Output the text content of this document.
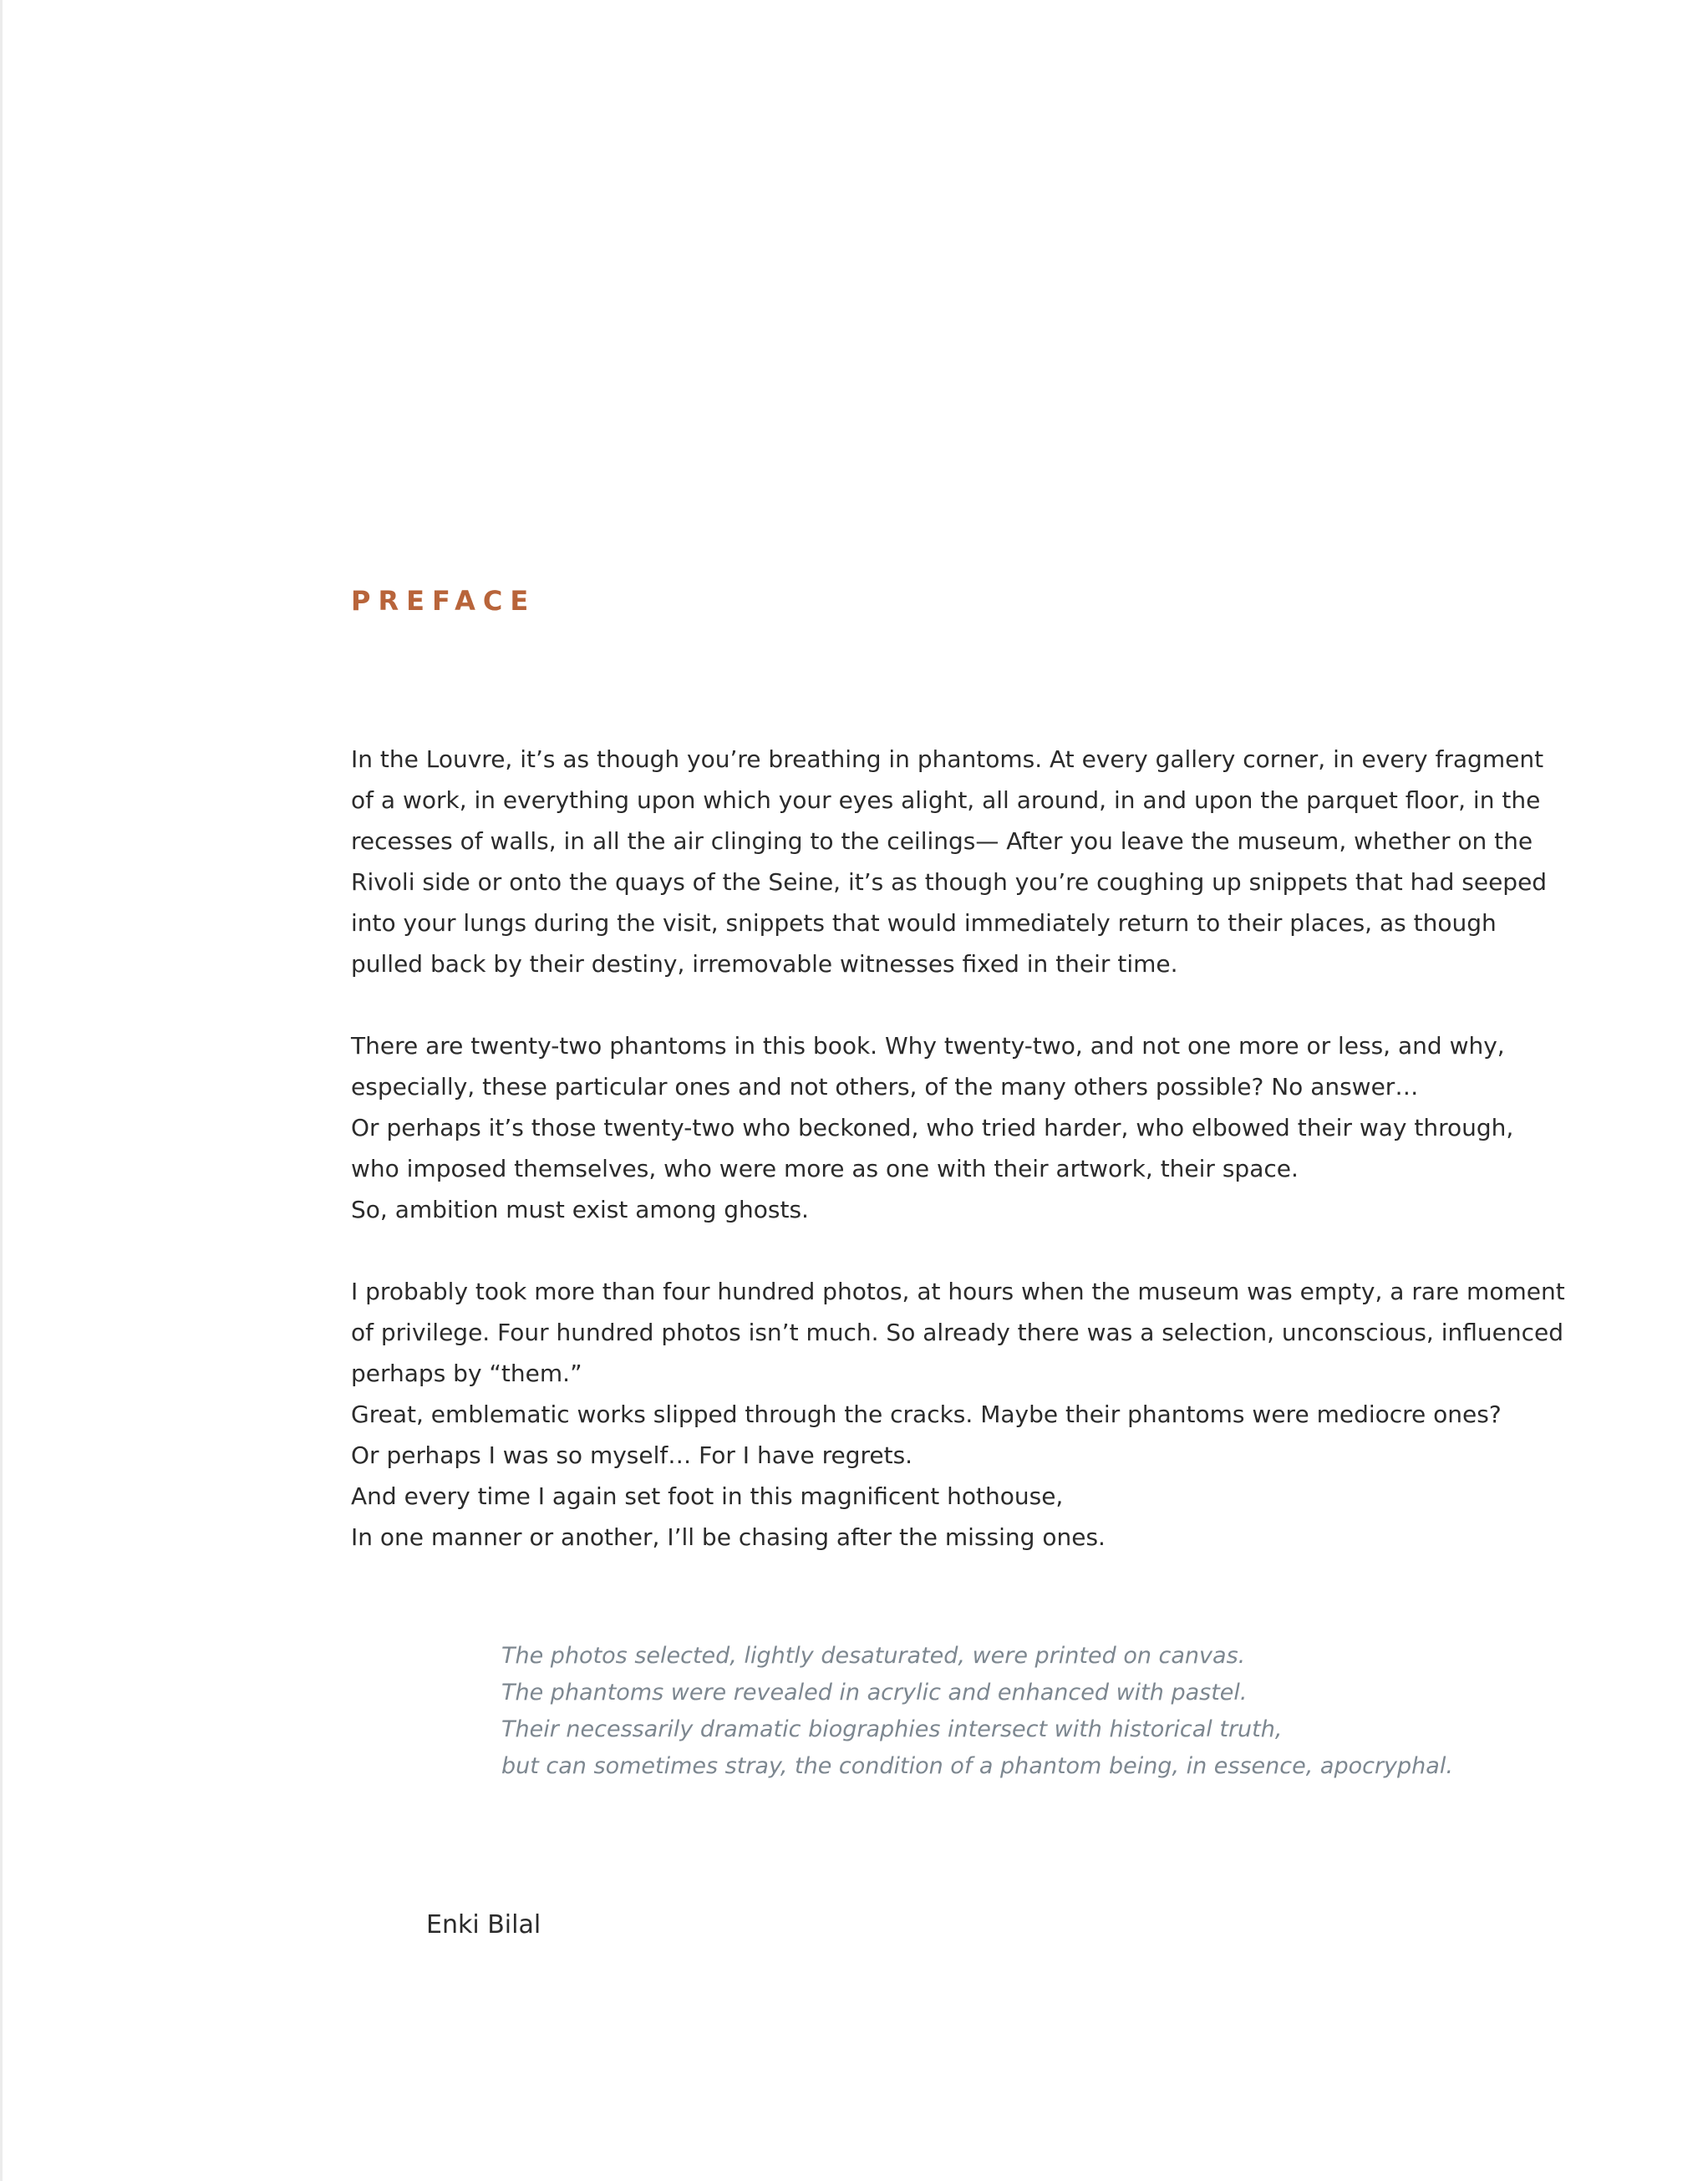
PREFACE

In the Louvre, it’s as though you’re breathing in phantoms. At every gallery corner, in every fragment
of a work, in everything upon which your eyes alight, all around, in and upon the parquet floor, in the
recesses of walls, in all the air clinging to the ceilings— After you leave the museum, whether on the
Rivoli side or onto the quays of the Seine, it’s as though you’re coughing up snippets that had seeped
into your lungs during the visit, snippets that would immediately return to their places, as though
pulled back by their destiny, irremovable witnesses fixed in their time.

There are twenty-two phantoms in this book. Why twenty-two, and not one more or less, and why,
especially, these particular ones and not others, of the many others possible? No answer…
Or perhaps it’s those twenty-two who beckoned, who tried harder, who elbowed their way through,
who imposed themselves, who were more as one with their artwork, their space.
So, ambition must exist among ghosts.

I probably took more than four hundred photos, at hours when the museum was empty, a rare moment
of privilege. Four hundred photos isn’t much. So already there was a selection, unconscious, influenced
perhaps by “them.”
Great, emblematic works slipped through the cracks. Maybe their phantoms were mediocre ones?
Or perhaps I was so myself… For I have regrets.
And every time I again set foot in this magnificent hothouse,
In one manner or another, I’ll be chasing after the missing ones.

The photos selected, lightly desaturated, were printed on canvas.
The phantoms were revealed in acrylic and enhanced with pastel.
Their necessarily dramatic biographies intersect with historical truth,
but can sometimes stray, the condition of a phantom being, in essence, apocryphal.
Enki Bilal
